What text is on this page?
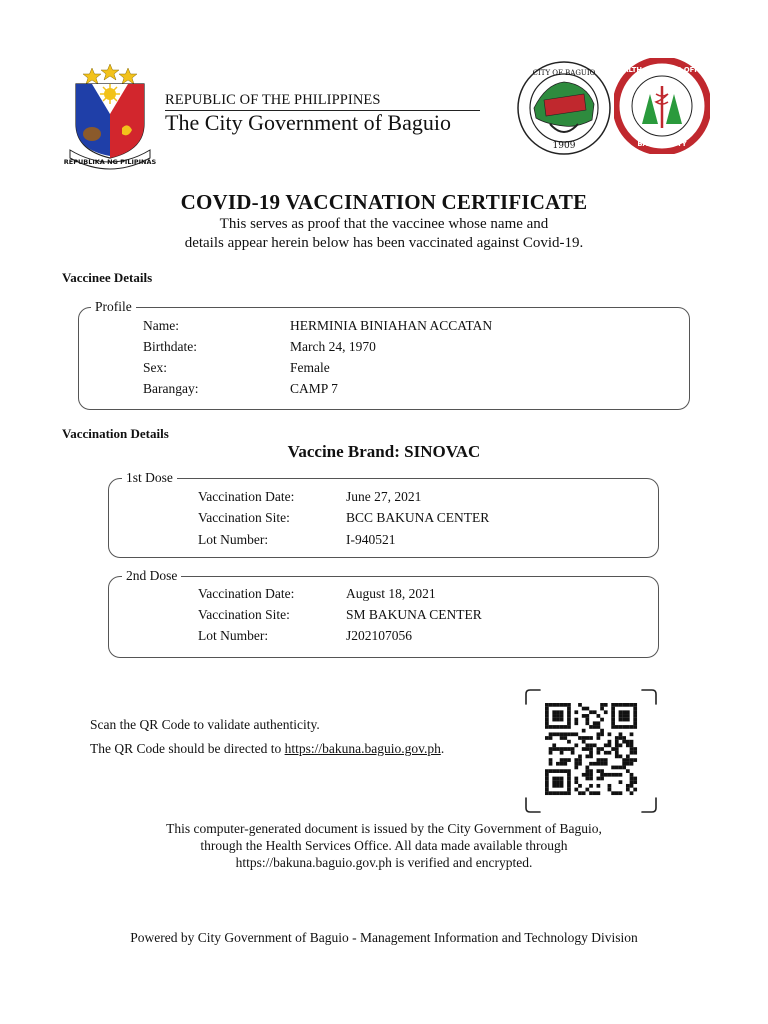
REPUBLIKA NG PILIPINAS
1909
CITY OF BAGUIO	HEALTH SERVICES OFFICE
BAGUIO CITY
REPUBLIC OF THE PHILIPPINES
The City Government of Baguio
COVID-19 VACCINATION CERTIFICATE
This serves as proof that the vaccinee whose name and
details appear herein below has been vaccinated against Covid-19.
Vaccinee Details
Profile
Name:	HERMINIA BINIAHAN ACCATAN
Birthdate:	March 24, 1970
Sex:	Female
Barangay:	CAMP 7
Vaccination Details
Vaccine Brand: SINOVAC
1st Dose
Vaccination Date:	June 27, 2021
Vaccination Site:	BCC BAKUNA CENTER
Lot Number:	I-940521
2nd Dose
Vaccination Date:	August 18, 2021
Vaccination Site:	SM BAKUNA CENTER
Lot Number:	J202107056
Scan the QR Code to validate authenticity.
The QR Code should be directed to https://bakuna.baguio.gov.ph.
This computer-generated document is issued by the City Government of Baguio,
through the Health Services Office. All data made available through
https://bakuna.baguio.gov.ph is verified and encrypted.
Powered by City Government of Baguio - Management Information and Technology Division
